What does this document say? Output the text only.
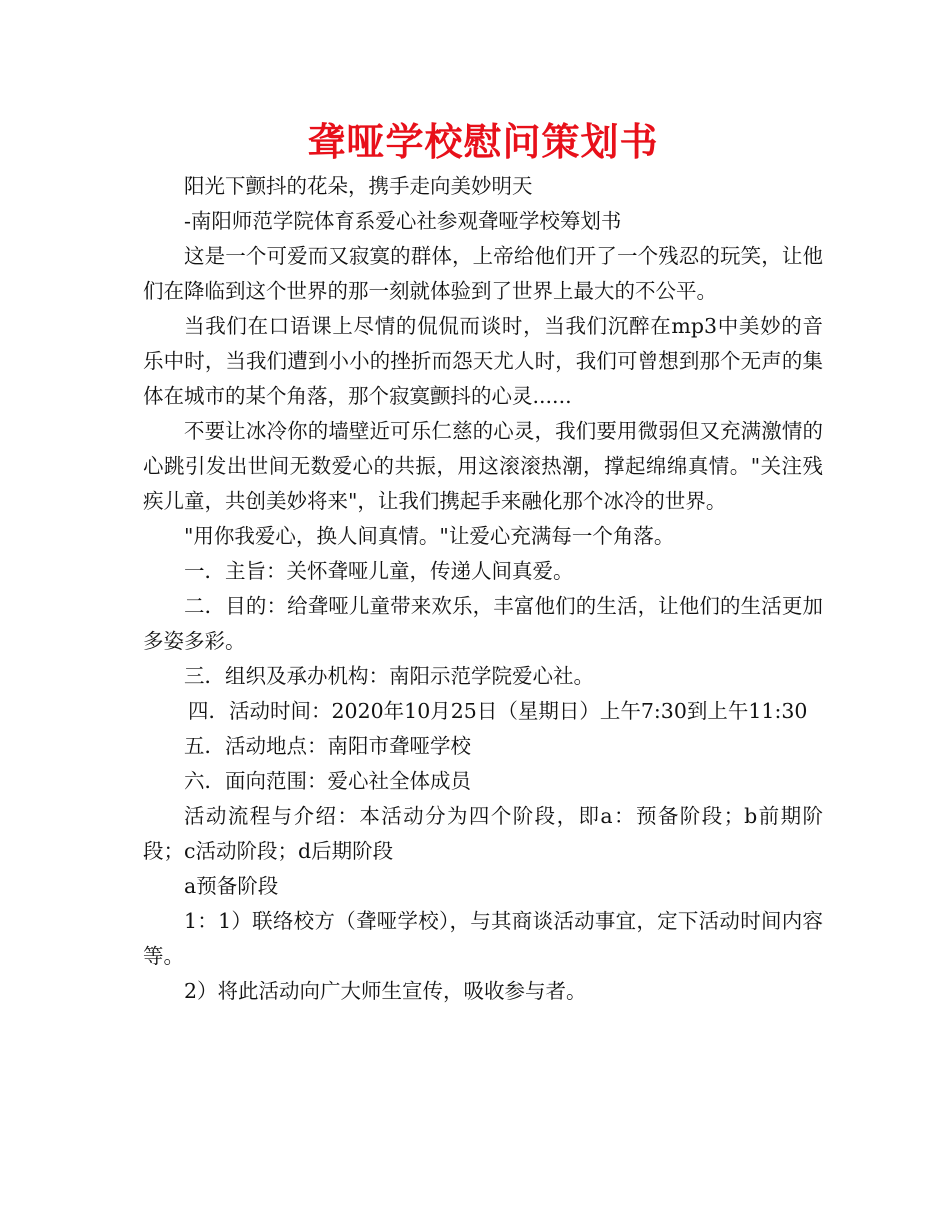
聋哑学校慰问策划书

阳光下颤抖的花朵，携手走向美妙明天

-南阳师范学院体育系爱心社参观聋哑学校筹划书

这是一个可爱而又寂寞的群体，上帝给他们开了一个残忍的玩笑，让他们在降临到这个世界的那一刻就体验到了世界上最大的不公平。

当我们在口语课上尽情的侃侃而谈时，当我们沉醉在mp3中美妙的音乐中时，当我们遭到小小的挫折而怨天尤人时，我们可曾想到那个无声的集体在城市的某个角落，那个寂寞颤抖的心灵......

不要让冰冷你的墙壁近可乐仁慈的心灵，我们要用微弱但又充满激情的心跳引发出世间无数爱心的共振，用这滚滚热潮，撑起绵绵真情。"关注残疾儿童，共创美妙将来"，让我们携起手来融化那个冰冷的世界。

"用你我爱心，换人间真情。"让爱心充满每一个角落。

一．主旨：关怀聋哑儿童，传递人间真爱。

二．目的：给聋哑儿童带来欢乐，丰富他们的生活，让他们的生活更加多姿多彩。

三．组织及承办机构：南阳示范学院爱心社。

四．活动时间：2020年10月25日（星期日）上午7:30到上午11:30

五．活动地点：南阳市聋哑学校

六．面向范围：爱心社全体成员

活动流程与介绍：本活动分为四个阶段，即a：预备阶段；b前期阶段；c活动阶段；d后期阶段

a预备阶段

1：1）联络校方（聋哑学校），与其商谈活动事宜，定下活动时间内容等。

2）将此活动向广大师生宣传，吸收参与者。
